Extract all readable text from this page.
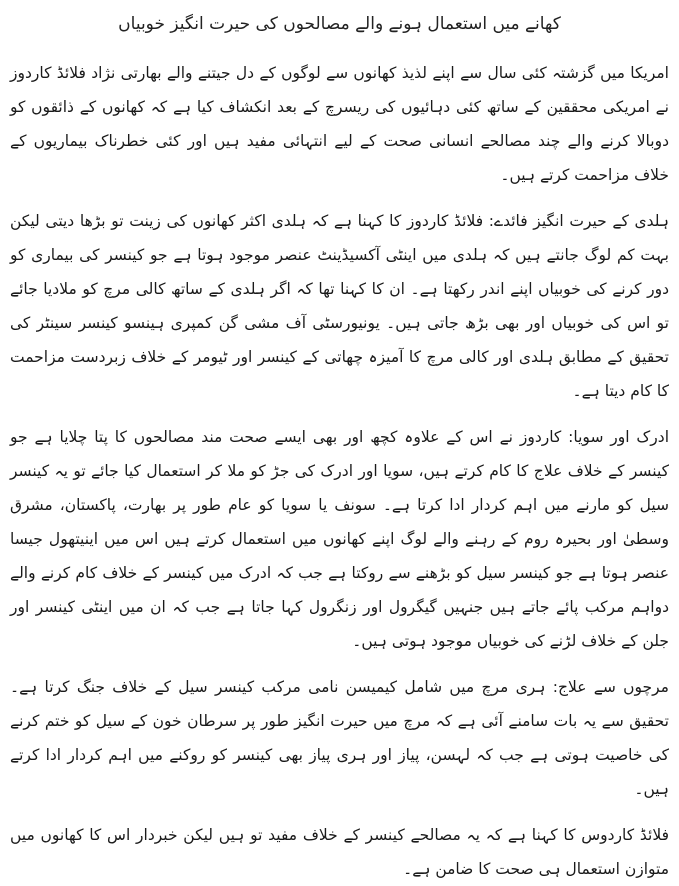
کھانے میں استعمال ہونے والے مصالحوں کی حیرت انگیز خوبیاں

امریکا میں گزشتہ کئی سال سے اپنے لذیذ کھانوں سے لوگوں کے دل جیتنے والے بھارتی نژاد فلائڈ کاردوز نے امریکی محققین کے ساتھ کئی دہائیوں کی ریسرچ کے بعد انکشاف کیا ہے کہ کھانوں کے ذائقوں کو دوبالا کرنے والے چند مصالحے انسانی صحت کے لیے انتہائی مفید ہیں اور کئی خطرناک بیماریوں کے خلاف مزاحمت کرتے ہیں۔

ہلدی کے حیرت انگیز فائدے: فلائڈ کاردوز کا کہنا ہے کہ ہلدی اکثر کھانوں کی زینت تو بڑھا دیتی لیکن بہت کم لوگ جانتے ہیں کہ ہلدی میں اینٹی آکسیڈینٹ عنصر موجود ہوتا ہے جو کینسر کی بیماری کو دور کرنے کی خوبیاں اپنے اندر رکھتا ہے۔ ان کا کہنا تھا کہ اگر ہلدی کے ساتھ کالی مرچ کو ملادیا جائے تو اس کی خوبیاں اور بھی بڑھ جاتی ہیں۔ یونیورسٹی آف مشی گن کمپری ہینسو کینسر سینٹر کی تحقیق کے مطابق ہلدی اور کالی مرچ کا آمیزہ چھاتی کے کینسر اور ٹیومر کے خلاف زبردست مزاحمت کا کام دیتا ہے۔

ادرک اور سویا: کاردوز نے اس کے علاوہ کچھ اور بھی ایسے صحت مند مصالحوں کا پتا چلایا ہے جو کینسر کے خلاف علاج کا کام کرتے ہیں، سویا اور ادرک کی جڑ کو ملا کر استعمال کیا جائے تو یہ کینسر سیل کو مارنے میں اہم کردار ادا کرتا ہے۔ سونف یا سویا کو عام طور پر بھارت، پاکستان، مشرق وسطیٰ اور بحیرہ روم کے رہنے والے لوگ اپنے کھانوں میں استعمال کرتے ہیں اس میں اینیتھول جیسا عنصر ہوتا ہے جو کینسر سیل کو بڑھنے سے روکتا ہے جب کہ ادرک میں کینسر کے خلاف کام کرنے والے دواہم مرکب پائے جاتے ہیں جنہیں گیگرول اور زنگرول کہا جاتا ہے جب کہ ان میں اینٹی کینسر اور جلن کے خلاف لڑنے کی خوبیاں موجود ہوتی ہیں۔

مرچوں سے علاج: ہری مرچ میں شامل کیمیسن نامی مرکب کینسر سیل کے خلاف جنگ کرتا ہے۔ تحقیق سے یہ بات سامنے آئی ہے کہ مرچ میں حیرت انگیز طور پر سرطان خون کے سیل کو ختم کرنے کی خاصیت ہوتی ہے جب کہ لہسن، پیاز اور ہری پیاز بھی کینسر کو روکنے میں اہم کردار ادا کرتے ہیں۔

فلائڈ کاردوس کا کہنا ہے کہ یہ مصالحے کینسر کے خلاف مفید تو ہیں لیکن خبردار اس کا کھانوں میں متوازن استعمال ہی صحت کا ضامن ہے۔
